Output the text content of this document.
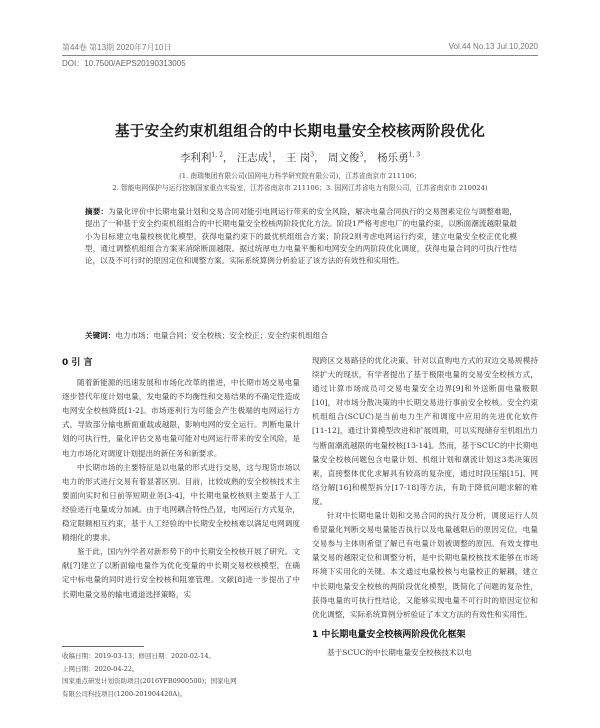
第44卷 第13期 2020年7月10日	Vol.44 No.13 Jul.10,2020
DOI：10.7500/AEPS20190313005
基于安全约束机组组合的中长期电量安全校核两阶段优化
李利利$^{1, 2}$， 汪志成$^1$， 王 岗$^3$， 周文俊$^3$， 杨乐勇$^{1, 3}$
(1. 南瑞集团有限公司(国网电力科学研究院有限公司)，江苏省南京市 211106；
2. 智能电网保护与运行控制国家重点实验室，江苏省南京市 211106；3. 国网江苏省电力有限公司，江苏省南京市 210024)
摘要：为量化评价中长期电量计划和交易合同对能引电网运行带来的安全风险，解决电量合同执行的交易图素定位与调整难题，提出了一种基于安全约束机组组合的中长期电量安全校核两阶段优化方法。阶段1严格考虑电厂的电量约束，以断面潮流越限量最小为目标建立电量校核优化模型，获得电量约束下的最优机组组合方案；阶段2则考虑电网运行约束，建立电量安全校正优化模型，通过调整机组组合方案来消除断面越限。据过统厚电力电量平衡和电网安全的两阶段优化调度，获得电量合同的可执行性结论，以及不可行时的原因定位和调整方案。实际系统算例分析验证了该方法的有效性和实用性。
关键词：电力市场；电量合同；安全校核；安全校正；安全约束机组组合
0 引 言

随着新能源的迅速发展和市场化改革的推进，中长期市场交易电量逐步替代年度计划电量，发电量的不均衡性和交易结果的不确定性造成电网安全校核降低[1-2]。市场逐利行为可能会产生极端的电网运行方式，导致部分输电断面重载或越限，影响电网的安全运行。判断电量计划的可执行性，量化评估交易电量可能对电网运行带来的安全风险，是电力市场化对调度计划提出的新任务和新要求。

中长期市场的主要特征是以电量的形式进行交易，这与现货市场以电力的形式进行交易有着显著区别。目前，比较成熟的安全校核技术主要面向实时和日前等短期业务[3-4]，中长期电量校核则主要基于人工经验进行电量成分加减。由于电网耦合特性凸显，电网运行方式复杂，稳定限额相互约束，基于人工经验的中长期安全校核难以满足电网调度精细化的要求。

鉴于此，国内外学者对新形势下的中长期安全校核开展了研究。文献[7]建立了以断面输电量作为优化变量的中长期交易校核模型，在确定中标电量的同时进行安全校核和阻塞管理。文献[8]进一步提出了中长期电量交易的输电通道选择策略，实

收稿日期：2019-03-13；修回日期：2020-02-14。
上网日期：2020-04-22。
国家重点研发计划资助项目(2016YFB0900500)；国家电网
有限公司科技项目(1200-201904420A)。

现跨区交易路径的优化决策。针对以直购电方式的双边交易规模持续扩大的现状，有学者提出了基于极限电量的交易安全校核方式，通过计算市场成员可交易电量安全边界[9]和外送断面电量极限[10]，对市场分散决策的中长期交易进行事前安全校核。安全约束机组组合(SCUC)是当前电力生产和调度中应用的先进优化软件[11-12]，通过计算模型改进和扩展周期，可以实现储存至机组出力与断面潮流越限的电量校核[13-14]。然而，基于SCUC的中长期电量安全校核问题包含电量计划、机组计划和潮流计划这3类决策因素，直接整体优化求解具有较高的复杂度，通过时段压缩[15]、网络分解[16]和模型拆分[17-18]等方法，有助于降低问题求解的难度。

针对中长期电量计划和交易合同的执行及分析，调度运行人员希望量化判断交易电量能否执行以及电量越限后的原因定位，电量交易参与主体则希望了解已有电量计划被调整的原因。有效支撑电量交易的越限定位和调整分析，是中长期电量校核技术能够在市场环境下实用化的关键。本文通过电量校核与电量校正的解耦，建立中长期电量安全校核的两阶段优化模型，既简化了问题的复杂性，获得电量的可执行性结论，又能够实现电量不可行时的原因定位和优化调整，实际系统算例分析验证了本文方法的有效性和实用性。

1 中长期电量安全校核两阶段优化框架

基于SCUC的中长期电量安全校核技术以电
